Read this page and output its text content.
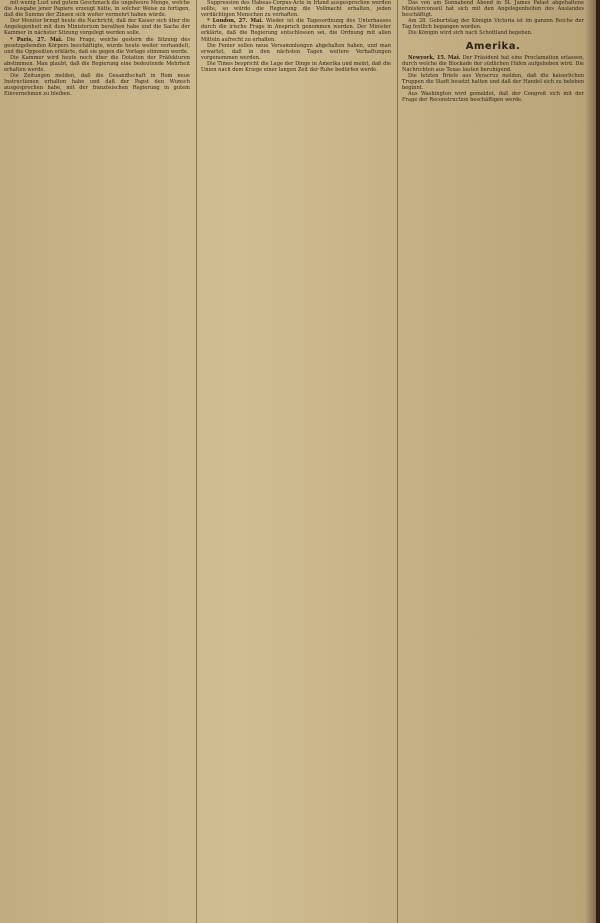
mit wenig Lust und gutem Geschmack die ungeheure Menge, welche die Ausgabe jener Papiere erzeugt hätte, in solcher Weise zu fertigen, daß die Summe der Zinsen sich weiter vermehrt haben würde.

Der Monitor bringt heute die Nachricht, daß der Kaiser sich über die Angelegenheit mit dem Ministerium berathen habe und die Sache der Kammer in nächster Sitzung vorgelegt werden solle.

* Paris, 27. Mai. Die Frage, welche gestern die Sitzung des gesetzgebenden Körpers beschäftigte, wurde heute weiter verhandelt, und die Opposition erklärte, daß sie gegen die Vorlage stimmen werde.

Die Kammer wird heute noch über die Dotation der Präfekturen abstimmen. Man glaubt, daß die Regierung eine bedeutende Mehrheit erhalten werde.

Die Zeitungen melden, daß die Gesandtschaft in Rom neue Instructionen erhalten habe und daß der Papst den Wunsch ausgesprochen habe, mit der französischen Regierung in gutem Einvernehmen zu bleiben.

Suppression des Habeas-Corpus-Acte in Irland ausgesprochen werden sollte, so würde die Regierung die Vollmacht erhalten, jeden verdächtigen Menschen zu verhaften.

* London, 27. Mai. Wieder ist die Tagesordnung des Unterhauses durch die irische Frage in Anspruch genommen worden. Der Minister erklärte, daß die Regierung entschlossen sei, die Ordnung mit allen Mitteln aufrecht zu erhalten.

Die Fenier sollen neue Versammlungen abgehalten haben, und man erwartet, daß in den nächsten Tagen weitere Verhaftungen vorgenommen werden.

Die Times bespricht die Lage der Dinge in Amerika und meint, daß die Union nach dem Kriege einer langen Zeit der Ruhe bedürfen werde.

Das von am Sonnabend Abend in St. James Palast abgehaltene Ministerconseil hat sich mit den Angelegenheiten des Auslandes beschäftigt.

Am 28. Geburtstag der Königin Victoria ist im ganzen Reiche der Tag festlich begangen worden.

Die Königin wird sich nach Schottland begeben.

Amerika.

Newyork, 15. Mai. Der Präsident hat eine Proclamation erlassen, durch welche die Blockade der südlichen Häfen aufgehoben wird. Die Nachrichten aus Texas lauten beruhigend.

Die letzten Briefe aus Veracruz melden, daß die kaiserlichen Truppen die Stadt besetzt halten und daß der Handel sich zu beleben beginnt.

Aus Washington wird gemeldet, daß der Congreß sich mit der Frage der Reconstruction beschäftigen werde.
